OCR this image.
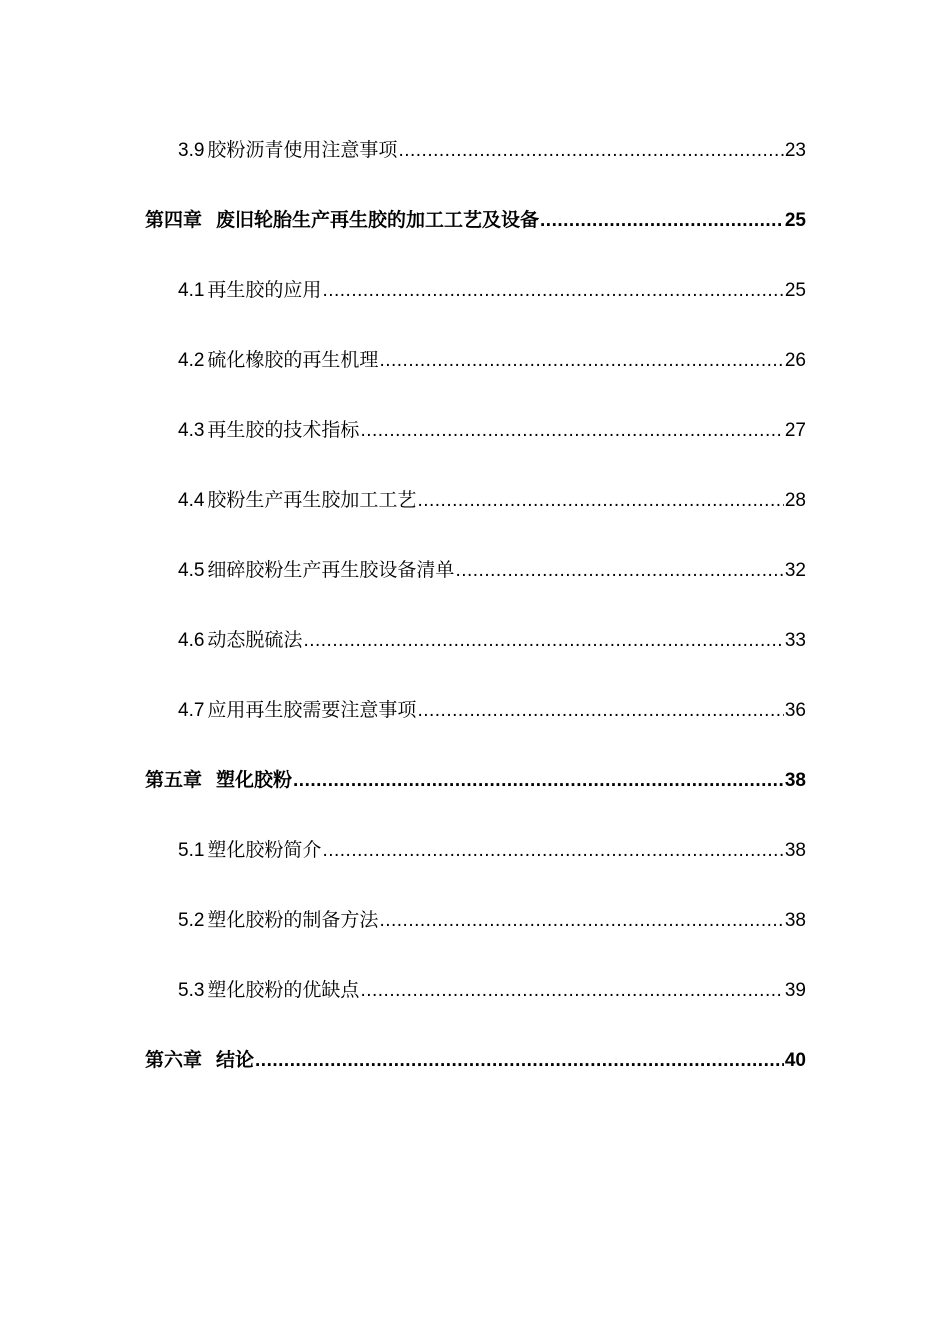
3.9 胶粉沥青使用注意事项 .....	23
第四章 废旧轮胎生产再生胶的加工工艺及设备 .....	25
4.1 再生胶的应用 .....	25
4.2 硫化橡胶的再生机理 .....	26
4.3 再生胶的技术指标 .....	27
4.4 胶粉生产再生胶加工工艺 .....	28
4.5 细碎胶粉生产再生胶设备清单 .....	32
4.6 动态脱硫法 .....	33
4.7 应用再生胶需要注意事项 .....	36
第五章 塑化胶粉 .....	38
5.1 塑化胶粉简介 .....	38
5.2 塑化胶粉的制备方法 .....	38
5.3 塑化胶粉的优缺点 .....	39
第六章 结论 .....	40
